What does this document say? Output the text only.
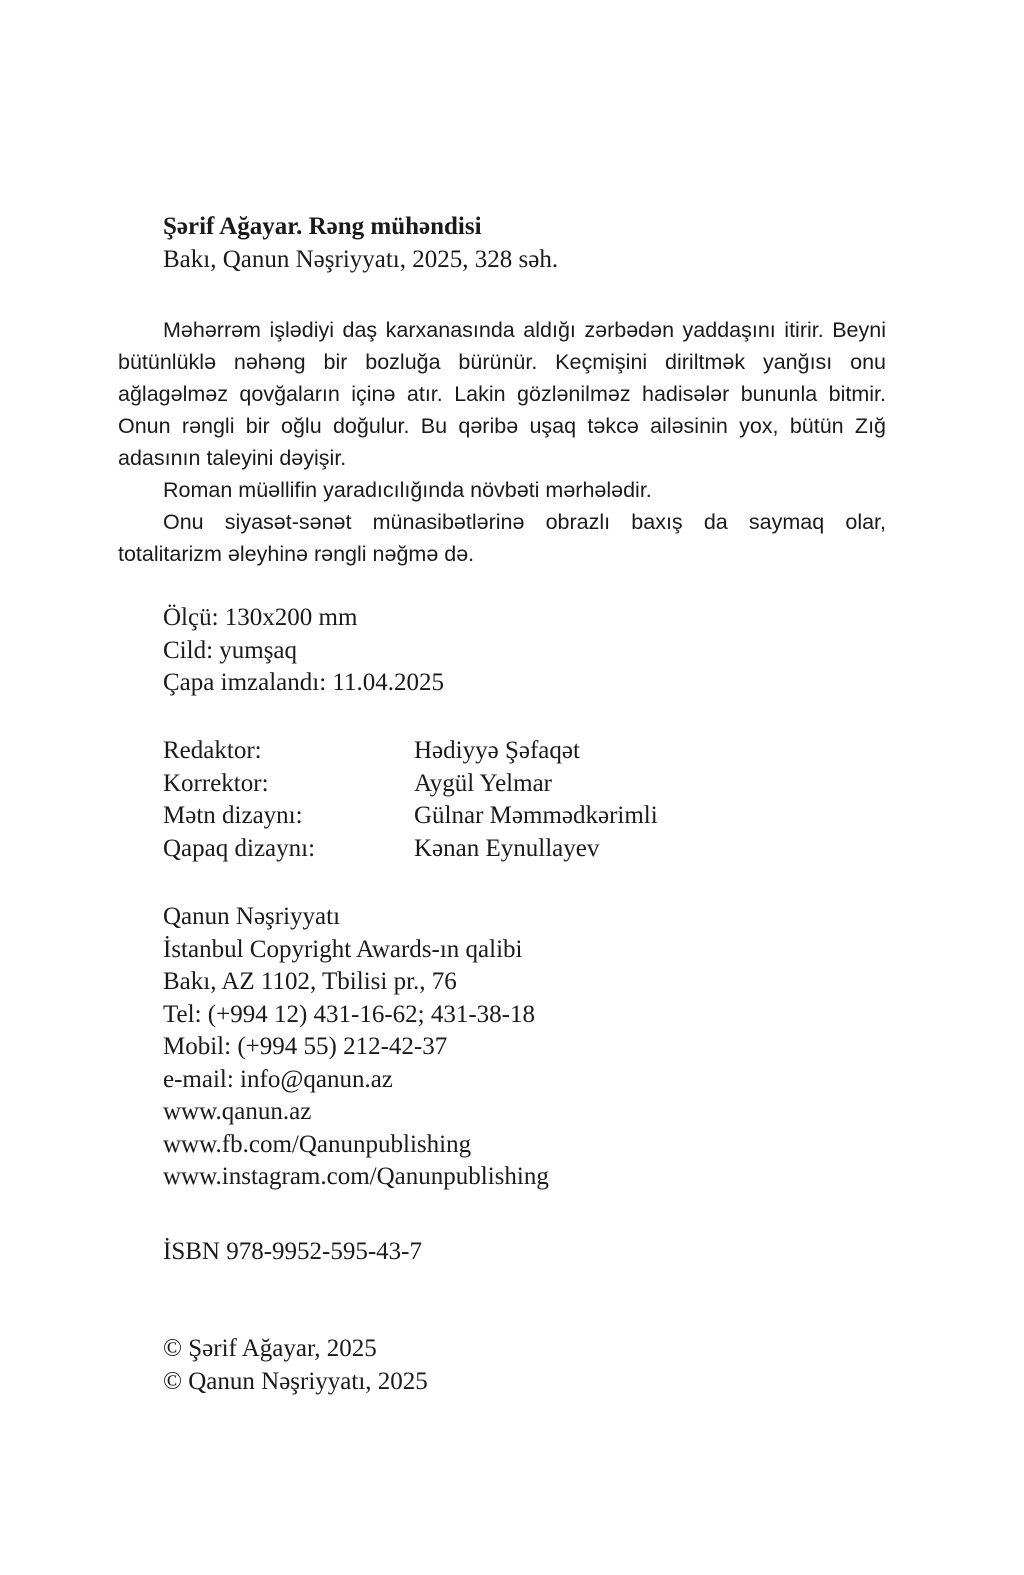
Şərif Ağayar. Rəng mühəndisi
Bakı, Qanun Nəşriyyatı, 2025, 328 səh.

Məhərrəm işlədiyi daş karxanasında aldığı zərbədən yaddaşını itirir. Beyni bütünlüklə nəhəng bir bozluğa bürünür. Keçmişini diriltmək yanğısı onu ağlagəlməz qovğaların içinə atır. Lakin gözlənilməz hadisələr bununla bitmir. Onun rəngli bir oğlu doğulur. Bu qəribə uşaq təkcə ailəsinin yox, bütün Zığ adasının taleyini dəyişir.

Roman müəllifin yaradıcılığında növbəti mərhələdir.

Onu siyasət-sənət münasibətlərinə obrazlı baxış da saymaq olar, totalitarizm əleyhinə rəngli nəğmə də.

Ölçü: 130x200 mm
Cild: yumşaq
Çapa imzalandı: 11.04.2025
Redaktor:	Hədiyyə Şəfaqət
Korrektor:	Aygül Yelmar
Mətn dizaynı:	Gülnar Məmmədkərimli
Qapaq dizaynı:	Kənan Eynullayev
Qanun Nəşriyyatı
İstanbul Copyright Awards-ın qalibi
Bakı, AZ 1102, Tbilisi pr., 76
Tel: (+994 12) 431-16-62; 431-38-18
Mobil: (+994 55) 212-42-37
e-mail: info@qanun.az
www.qanun.az
www.fb.com/Qanunpublishing
www.instagram.com/Qanunpublishing
İSBN 978-9952-595-43-7
© Şərif Ağayar, 2025
© Qanun Nəşriyyatı, 2025
